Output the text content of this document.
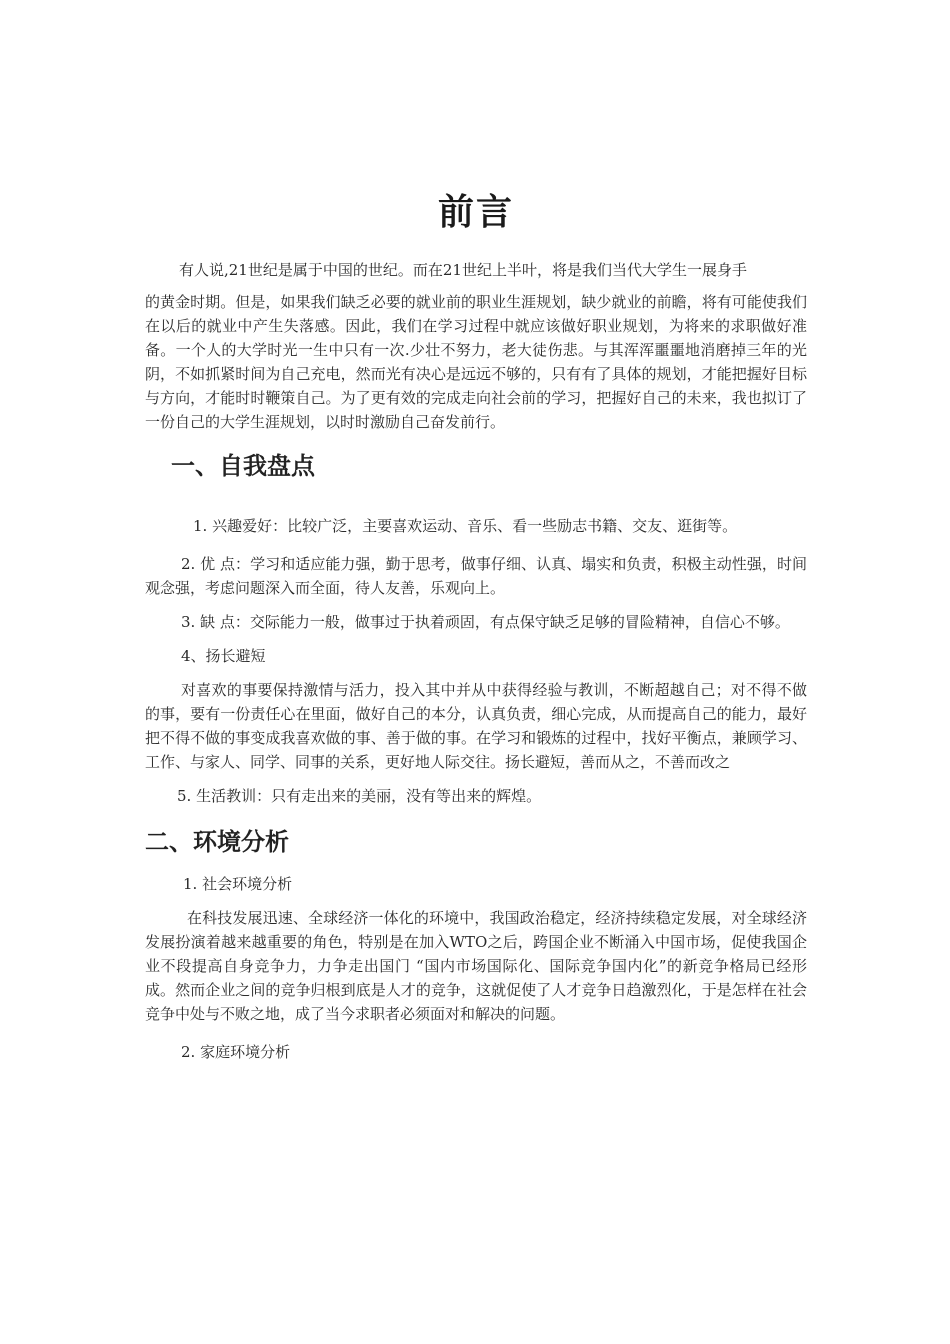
前言

有人说,21世纪是属于中国的世纪。而在21世纪上半叶，将是我们当代大学生一展身手

的黄金时期。但是，如果我们缺乏必要的就业前的职业生涯规划，缺少就业的前瞻，将有可能使我们在以后的就业中产生失落感。因此，我们在学习过程中就应该做好职业规划，为将来的求职做好准备。一个人的大学时光一生中只有一次.少壮不努力，老大徒伤悲。与其浑浑噩噩地消磨掉三年的光阴，不如抓紧时间为自己充电，然而光有决心是远远不够的，只有有了具体的规划，才能把握好目标与方向，才能时时鞭策自己。为了更有效的完成走向社会前的学习，把握好自己的未来，我也拟订了一份自己的大学生涯规划，以时时激励自己奋发前行。

一、自我盘点

1. 兴趣爱好：比较广泛，主要喜欢运动、音乐、看一些励志书籍、交友、逛街等。

2. 优 点：学习和适应能力强，勤于思考，做事仔细、认真、塌实和负责，积极主动性强，时间观念强，考虑问题深入而全面，待人友善，乐观向上。

3. 缺 点：交际能力一般，做事过于执着顽固，有点保守缺乏足够的冒险精神，自信心不够。

4、扬长避短

对喜欢的事要保持激情与活力，投入其中并从中获得经验与教训，不断超越自己；对不得不做的事，要有一份责任心在里面，做好自己的本分，认真负责，细心完成，从而提高自己的能力，最好把不得不做的事变成我喜欢做的事、善于做的事。在学习和锻炼的过程中，找好平衡点，兼顾学习、工作、与家人、同学、同事的关系，更好地人际交往。扬长避短，善而从之，不善而改之

5. 生活教训：只有走出来的美丽，没有等出来的辉煌。

二、环境分析

1. 社会环境分析

在科技发展迅速、全球经济一体化的环境中，我国政治稳定，经济持续稳定发展，对全球经济发展扮演着越来越重要的角色，特别是在加入WTO之后，跨国企业不断涌入中国市场，促使我国企业不段提高自身竞争力，力争走出国门 “国内市场国际化、国际竞争国内化”的新竞争格局已经形成。然而企业之间的竞争归根到底是人才的竞争，这就促使了人才竞争日趋激烈化，于是怎样在社会竞争中处与不败之地，成了当今求职者必须面对和解决的问题。

2. 家庭环境分析
